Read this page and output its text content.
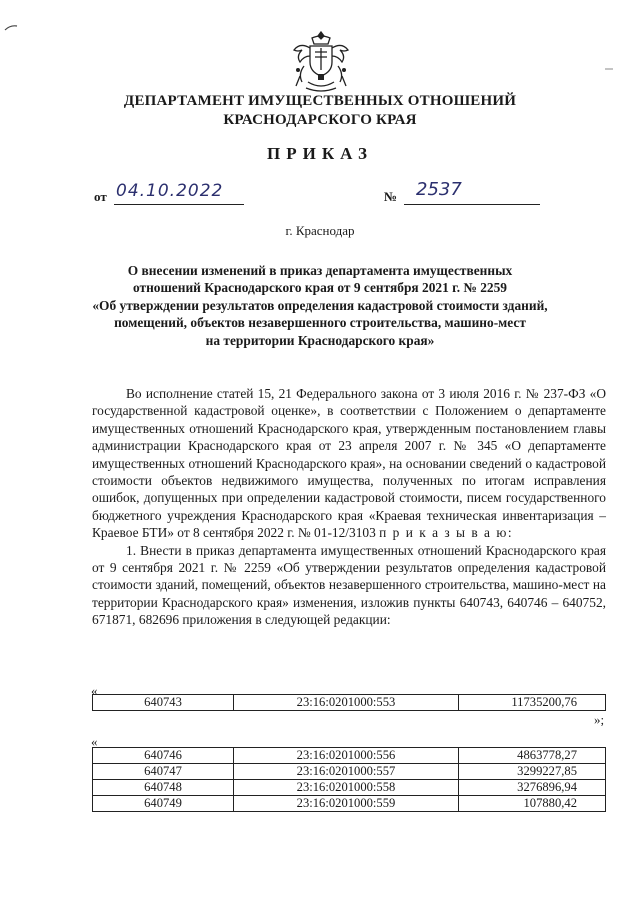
ДЕПАРТАМЕНТ ИМУЩЕСТВЕННЫХ ОТНОШЕНИЙ
КРАСНОДАРСКОГО КРАЯ
ПРИКАЗ
от 04.10.2022	№ 2537
г. Краснодар
О внесении изменений в приказ департамента имущественных
отношений Краснодарского края от 9 сентября 2021 г. № 2259
«Об утверждении результатов определения кадастровой стоимости зданий,
помещений, объектов незавершенного строительства, машино-мест
на территории Краснодарского края»

Во исполнение статей 15, 21 Федерального закона от 3 июля 2016 г. № 237-ФЗ «О государственной кадастровой оценке», в соответствии с Положением о департаменте имущественных отношений Краснодарского края, утвержденным постановлением главы администрации Краснодарского края от 23 апреля 2007 г. № 345 «О департаменте имущественных отношений Краснодарского края», на основании сведений о кадастровой стоимости объектов недвижимого имущества, полученных по итогам исправления ошибок, допущенных при определении кадастровой стоимости, писем государственного бюджетного учреждения Краснодарского края «Краевая техническая инвентаризация – Краевое БТИ» от 8 сентября 2022 г. № 01-12/3103 п р и к а з ы в а ю:

1. Внести в приказ департамента имущественных отношений Краснодарского края от 9 сентября 2021 г. № 2259 «Об утверждении результатов определения кадастровой стоимости зданий, помещений, объектов незавершенного строительства, машино-мест на территории Краснодарского края» изменения, изложив пункты 640743, 640746 – 640752, 671871, 682696 приложения в следующей редакции:

«
640743	23:16:0201000:553	11735200,76
»;
«
640746	23:16:0201000:556	4863778,27
640747	23:16:0201000:557	3299227,85
640748	23:16:0201000:558	3276896,94
640749	23:16:0201000:559	107880,42
